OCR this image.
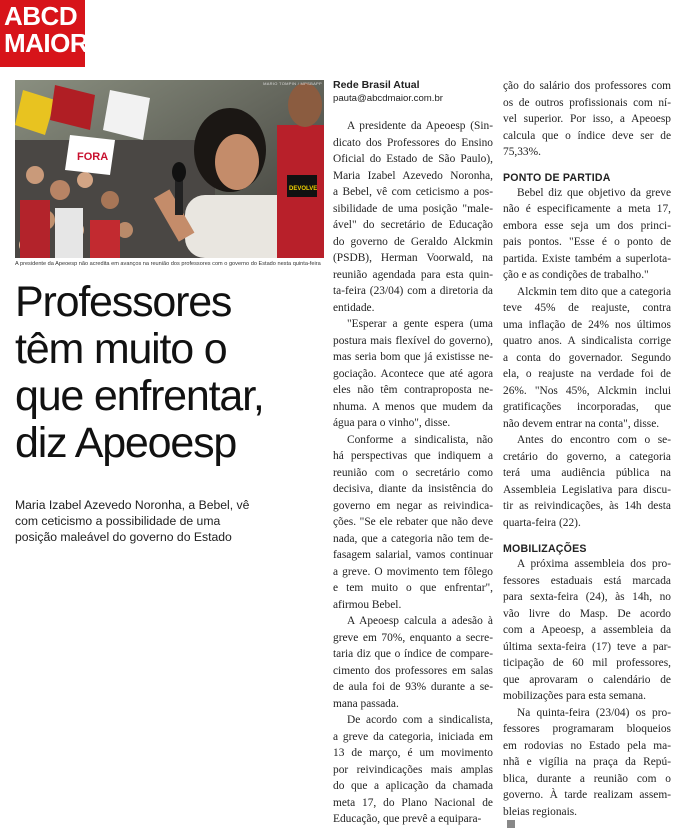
ABCD
MAIOR
FORA
DEVOLVE
MARIO TOMPIN / MPSBAPP
A presidente da Apeoesp não acredita em avanços na reunião dos professores com o governo do Estado nesta quinta-feira
Professores
têm muito o
que enfrentar,
diz Apeoesp
Maria Izabel Azevedo Noronha, a Bebel, vê
com ceticismo a possibilidade de uma
posição maleável do governo do Estado

Rede Brasil Atual

pauta@abcdmaior.com.br

A presidente da Apeoesp (Sin-
dicato dos Professores do Ensino
Oficial do Estado de São Paulo),
Maria Izabel Azevedo Noronha,
a Bebel, vê com ceticismo a pos-
sibilidade de uma posição "male-
ável" do secretário de Educação
do governo de Geraldo Alckmin
(PSDB), Herman Voorwald, na
reunião agendada para esta quin-
ta-feira (23/04) com a diretoria da
entidade.

"Esperar a gente espera (uma
postura mais flexível do governo),
mas seria bom que já existisse ne-
gociação. Acontece que até agora
eles não têm contraproposta ne-
nhuma. A menos que mudem da
água para o vinho", disse.

Conforme a sindicalista, não
há perspectivas que indiquem a
reunião com o secretário como
decisiva, diante da insistência do
governo em negar as reivindica-
ções. "Se ele rebater que não deve
nada, que a categoria não tem de-
fasagem salarial, vamos continuar
a greve. O movimento tem fôlego
e tem muito o que enfrentar",
afirmou Bebel.

A Apeoesp calcula a adesão à
greve em 70%, enquanto a secre-
taria diz que o índice de compare-
cimento dos professores em salas
de aula foi de 93% durante a se-
mana passada.

De acordo com a sindicalista,
a greve da categoria, iniciada em
13 de março, é um movimento
por reivindicações mais amplas
do que a aplicação da chamada
meta 17, do Plano Nacional de
Educação, que prevê a equipara-

ção do salário dos professores com
os de outros profissionais com ní-
vel superior. Por isso, a Apeoesp
calcula que o índice deve ser de
75,33%.

PONTO DE PARTIDA

Bebel diz que objetivo da greve
não é especificamente a meta 17,
embora esse seja um dos princi-
pais pontos. "Esse é o ponto de
partida. Existe também a superlota-
ção e as condições de trabalho."

Alckmin tem dito que a categoria
teve 45% de reajuste, contra
uma inflação de 24% nos últimos
quatro anos. A sindicalista corrige
a conta do governador. Segundo
ela, o reajuste na verdade foi de
26%. "Nos 45%, Alckmin inclui
gratificações incorporadas, que
não devem entrar na conta", disse.

Antes do encontro com o se-
cretário do governo, a categoria
terá uma audiência pública na
Assembleia Legislativa para discu-
tir as reivindicações, às 14h desta
quarta-feira (22).

MOBILIZAÇÕES

A próxima assembleia dos pro-
fessores estaduais está marcada
para sexta-feira (24), às 14h, no
vão livre do Masp. De acordo
com a Apeoesp, a assembleia da
última sexta-feira (17) teve a par-
ticipação de 60 mil professores,
que aprovaram o calendário de
mobilizações para esta semana.

Na quinta-feira (23/04) os pro-
fessores programaram bloqueios
em rodovias no Estado pela ma-
nhã e vigília na praça da Repú-
blica, durante a reunião com o
governo. À tarde realizam assem-
bleias regionais.
